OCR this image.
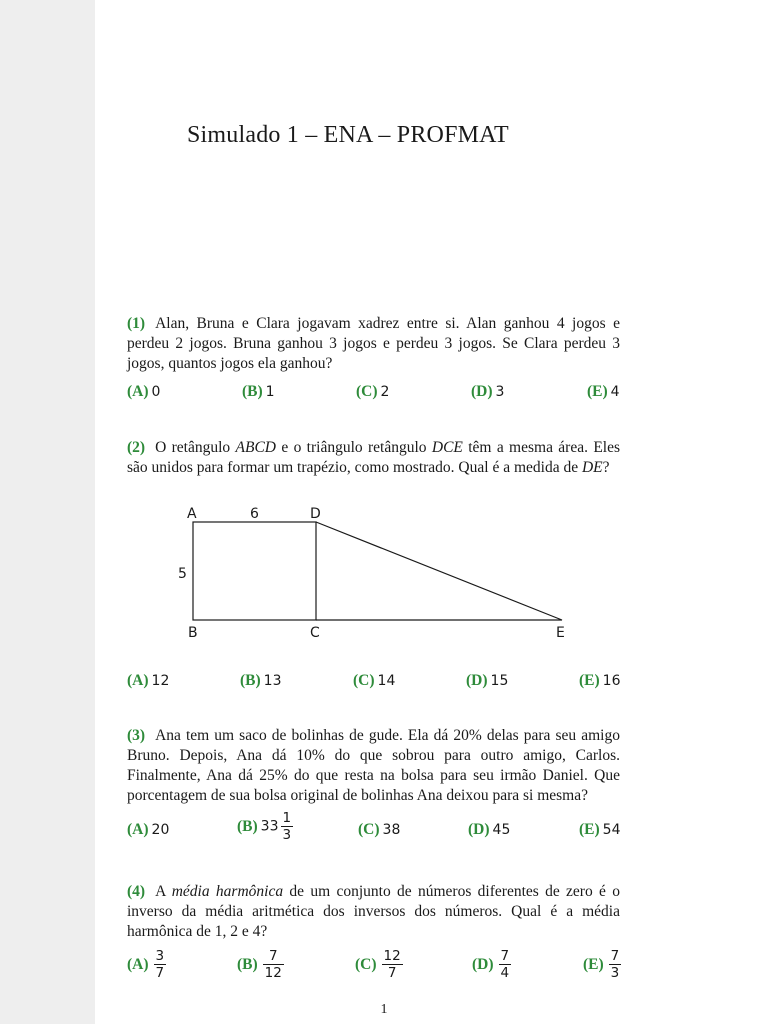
Simulado 1 – ENA – PROFMAT
(1) Alan, Bruna e Clara jogavam xadrez entre si. Alan ganhou 4 jogos e perdeu 2 jogos. Bruna ganhou 3 jogos e perdeu 3 jogos. Se Clara perdeu 3 jogos, quantos jogos ela ganhou?
(A) 0	(B) 1	(C) 2	(D) 3	(E) 4
(2) O retângulo ABCD e o triângulo retângulo DCE têm a mesma área. Eles são unidos para formar um trapézio, como mostrado. Qual é a medida de DE?
A	6	D
5
B	C	E
(A) 12	(B) 13	(C) 14	(D) 15	(E) 16
(3) Ana tem um saco de bolinhas de gude. Ela dá 20% delas para seu amigo Bruno. Depois, Ana dá 10% do que sobrou para outro amigo, Carlos. Finalmente, Ana dá 25% do que resta na bolsa para seu irmão Daniel. Que porcentagem de sua bolsa original de bolinhas Ana deixou para si mesma?
(A) 20	(B) $33 \frac{1}{3}$	(C) 38	(D) 45	(E) 54
(4) A média harmônica de um conjunto de números diferentes de zero é o inverso da média aritmética dos inversos dos números. Qual é a média harmônica de 1, 2 e 4?
$(A) \frac{3}{7}$	$(B) \frac{7}{12}$	$(C) \frac{12}{7}$	$(D) \frac{7}{4}$	$(E) \frac{7}{3}$
1
